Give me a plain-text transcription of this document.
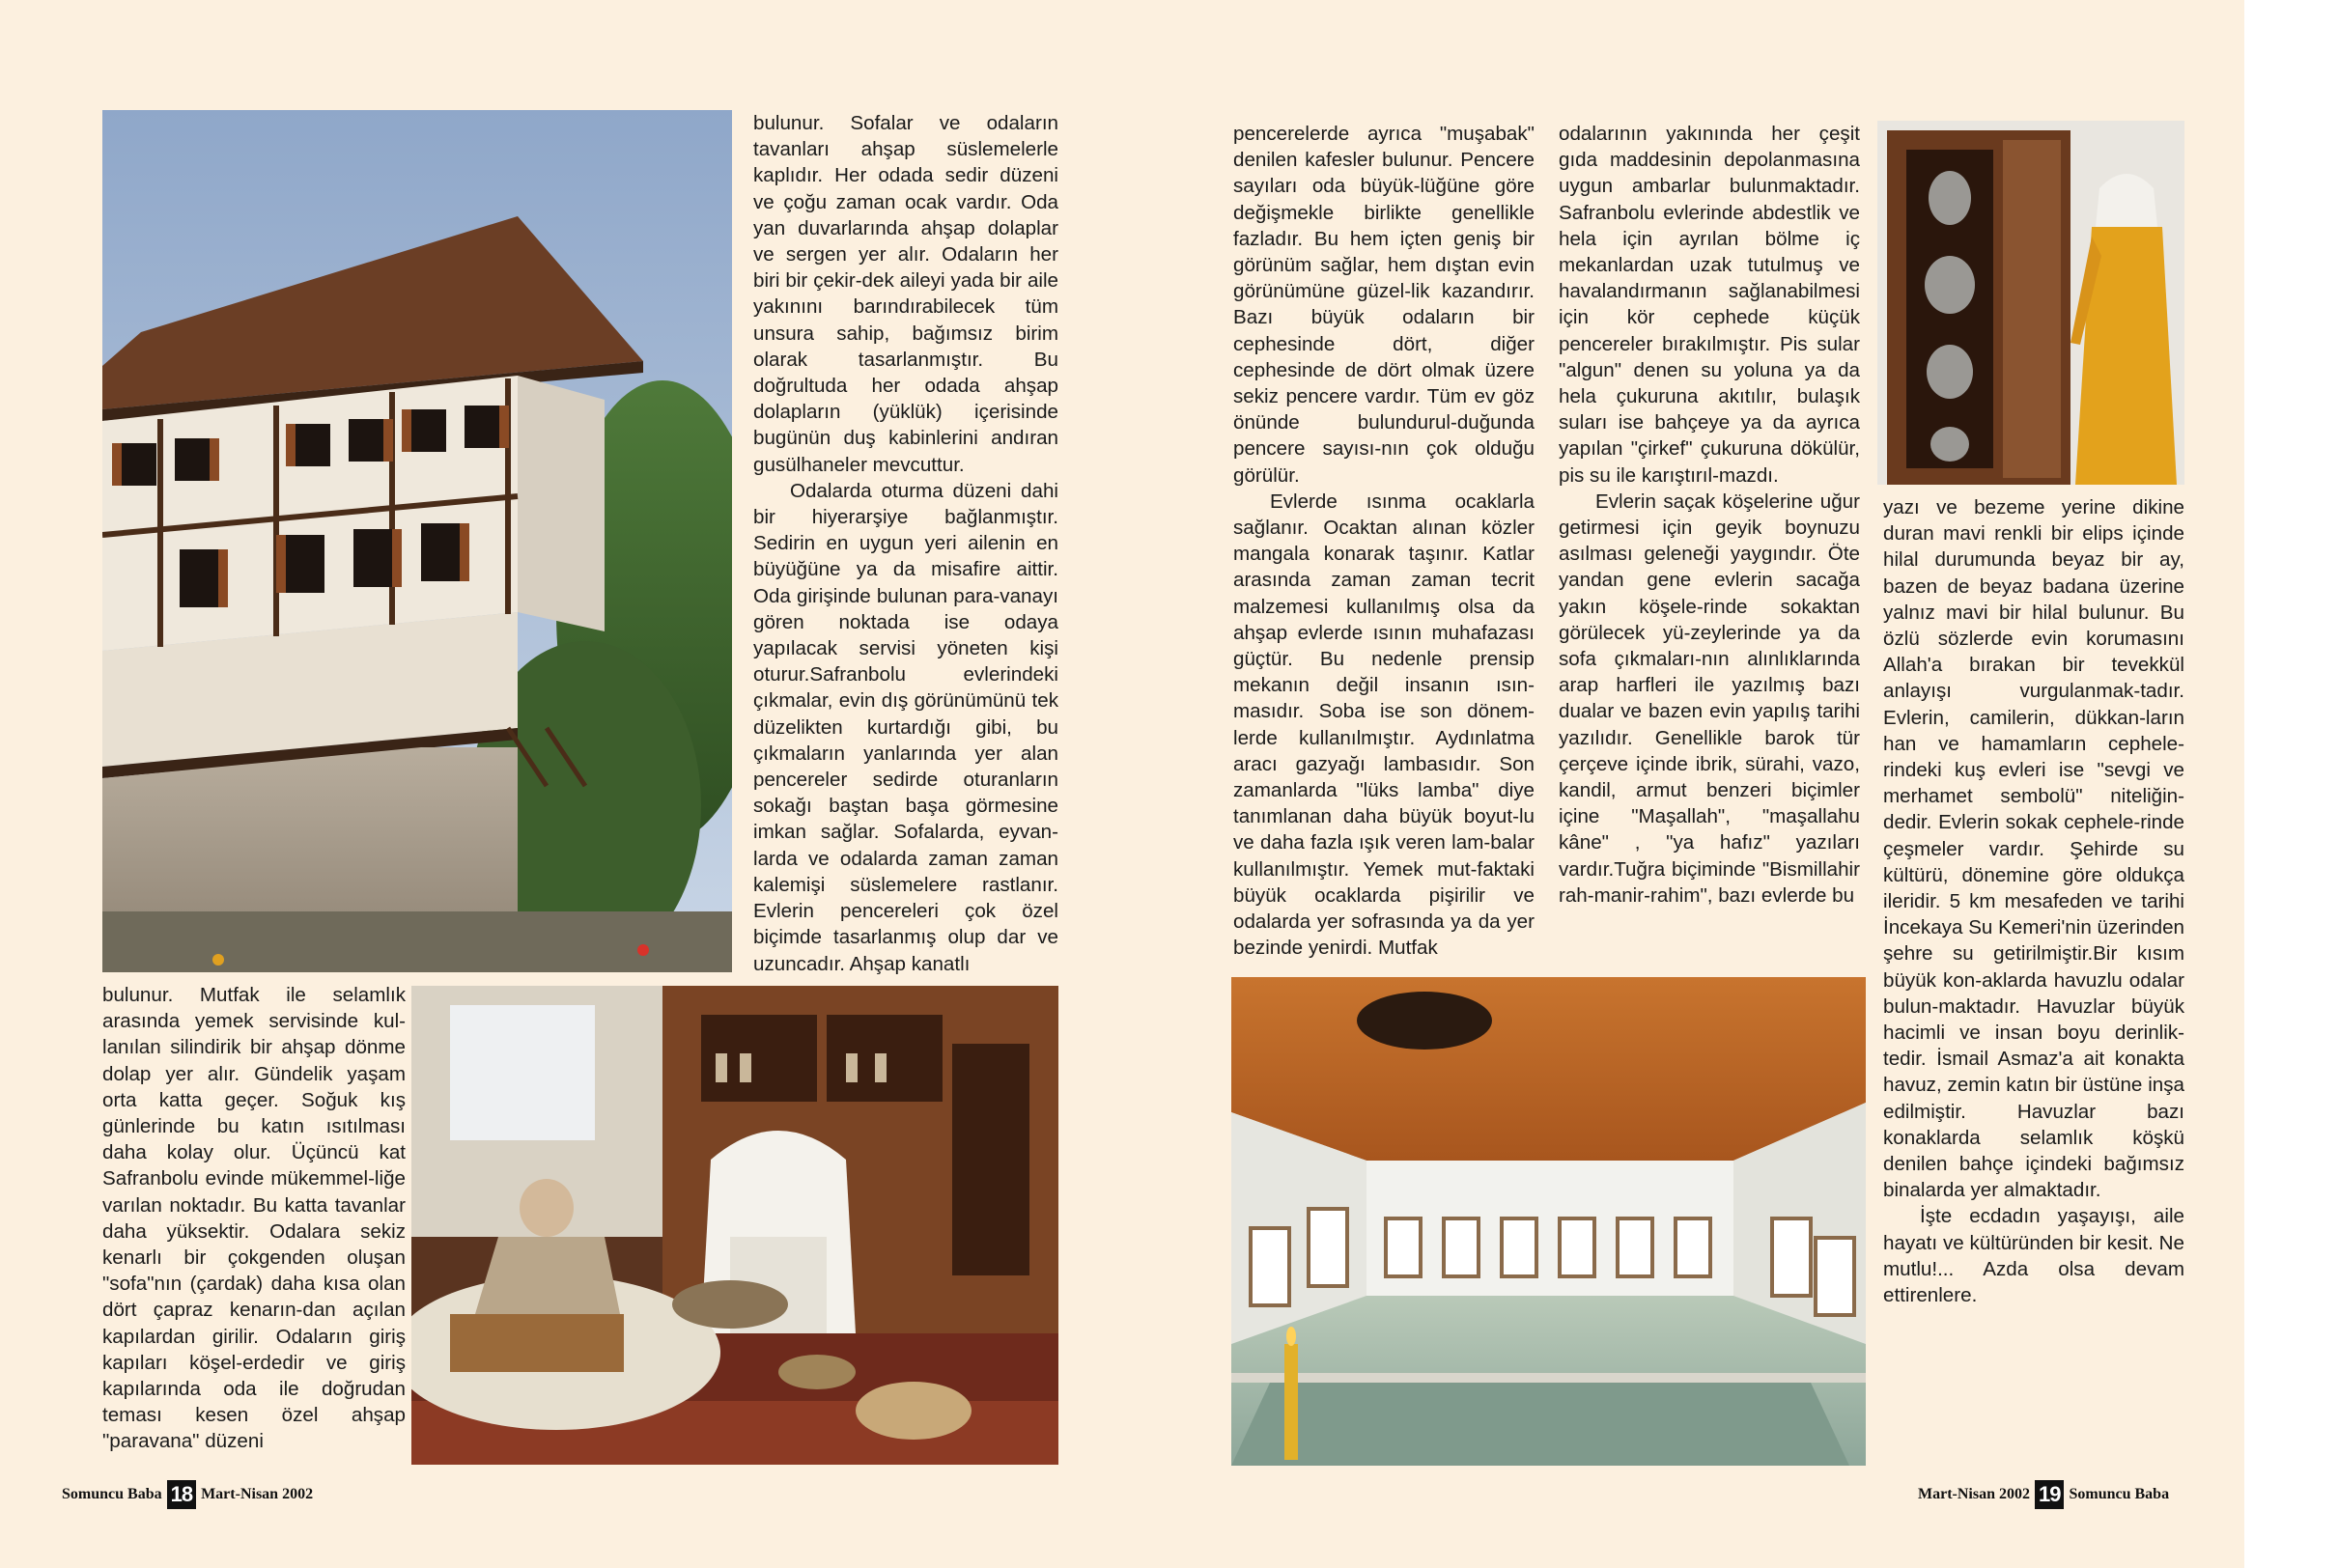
bulunur. Sofalar ve odaların tavanları ahşap süslemelerle kaplıdır. Her odada sedir düzeni ve çoğu zaman ocak vardır. Oda yan duvarlarında ahşap dolaplar ve sergen yer alır. Odaların her biri bir çekir-dek aileyi yada bir aile yakınını barındırabilecek tüm unsura sahip, bağımsız birim olarak tasarlanmıştır. Bu doğrultuda her odada ahşap dolapların (yüklük) içerisinde bugünün duş kabinlerini andıran gusülhaneler mevcuttur.

Odalarda oturma düzeni dahi bir hiyerarşiye bağlanmıştır. Sedirin en uygun yeri ailenin en büyüğüne ya da misafire aittir. Oda girişinde bulunan para-vanayı gören noktada ise odaya yapılacak servisi yöneten kişi oturur.Safranbolu evlerindeki çıkmalar, evin dış görünümünü tek düzelikten kurtardığı gibi, bu çıkmaların yanlarında yer alan pencereler sedirde oturanların sokağı baştan başa görmesine imkan sağlar. Sofalarda, eyvan-larda ve odalarda zaman zaman kalemişi süslemelere rastlanır. Evlerin pencereleri çok özel biçimde tasarlanmış olup dar ve uzuncadır. Ahşap kanatlı

bulunur. Mutfak ile selamlık arasında yemek servisinde kul-lanılan silindirik bir ahşap dönme dolap yer alır. Gündelik yaşam orta katta geçer. Soğuk kış günlerinde bu katın ısıtılması daha kolay olur. Üçüncü kat Safranbolu evinde mükemmel-liğe varılan noktadır. Bu katta tavanlar daha yüksektir. Odalara sekiz kenarlı bir çokgenden oluşan "sofa"nın (çardak) daha kısa olan dört çapraz kenarın-dan açılan kapılardan girilir. Odaların giriş kapıları köşel-erdedir ve giriş kapılarında oda ile doğrudan teması kesen özel ahşap "paravana" düzeni

Somuncu Baba 18 Mart-Nisan 2002

pencerelerde ayrıca "muşabak" denilen kafesler bulunur. Pencere sayıları oda büyük-lüğüne göre değişmekle birlikte genellikle fazladır. Bu hem içten geniş bir görünüm sağlar, hem dıştan evin görünümüne güzel-lik kazandırır. Bazı büyük odaların bir cephesinde dört, diğer cephesinde de dört olmak üzere sekiz pencere vardır. Tüm ev göz önünde bulundurul-duğunda pencere sayısı-nın çok olduğu görülür.

Evlerde ısınma ocaklarla sağlanır. Ocaktan alınan közler mangala konarak taşınır. Katlar arasında zaman zaman tecrit malzemesi kullanılmış olsa da ahşap evlerde ısının muhafazası güçtür. Bu nedenle prensip mekanın değil insanın ısın-masıdır. Soba ise son dönem-lerde kullanılmıştır. Aydınlatma aracı gazyağı lambasıdır. Son zamanlarda "lüks lamba" diye tanımlanan daha büyük boyut-lu ve daha fazla ışık veren lam-balar kullanılmıştır. Yemek mut-faktaki büyük ocaklarda pişirilir ve odalarda yer sofrasında ya da yer bezinde yenirdi. Mutfak

odalarının yakınında her çeşit gıda maddesinin depolanmasına uygun ambarlar bulunmaktadır. Safranbolu evlerinde abdestlik ve hela için ayrılan bölme iç mekanlardan uzak tutulmuş ve havalandırmanın sağlanabilmesi için kör cephede küçük pencereler bırakılmıştır. Pis sular "algun" denen su yoluna ya da hela çukuruna akıtılır, bulaşık suları ise bahçeye ya da ayrıca yapılan "çirkef" çukuruna dökülür, pis su ile karıştırıl-mazdı.

Evlerin saçak köşelerine uğur getirmesi için geyik boynuzu asılması geleneği yaygındır. Öte yandan gene evlerin sacağa yakın köşele-rinde sokaktan görülecek yü-zeylerinde ya da sofa çıkmaları-nın alınlıklarında arap harfleri ile yazılmış bazı dualar ve bazen evin yapılış tarihi yazılıdır. Genellikle barok tür çerçeve içinde ibrik, sürahi, vazo, kandil, armut benzeri biçimler içine "Maşallah", "maşallahu kâne" , "ya hafız" yazıları vardır.Tuğra biçiminde "Bismillahir rah-manir-rahim", bazı evlerde bu

yazı ve bezeme yerine dikine duran mavi renkli bir elips içinde hilal durumunda beyaz bir ay, bazen de beyaz badana üzerine yalnız mavi bir hilal bulunur. Bu özlü sözlerde evin korumasını Allah'a bırakan bir tevekkül anlayışı vurgulanmak-tadır. Evlerin, camilerin, dükkan-ların han ve hamamların cephele-rindeki kuş evleri ise "sevgi ve merhamet sembolü" niteliğin-dedir. Evlerin sokak cephele-rinde çeşmeler vardır. Şehirde su kültürü, dönemine göre oldukça ileridir. 5 km mesafeden ve tarihi İncekaya Su Kemeri'nin üzerinden şehre su getirilmiştir.Bir kısım büyük kon-aklarda havuzlu odalar bulun-maktadır. Havuzlar büyük hacimli ve insan boyu derinlik-tedir. İsmail Asmaz'a ait konakta havuz, zemin katın bir üstüne inşa edilmiştir. Havuzlar bazı konaklarda selamlık köşkü denilen bahçe içindeki bağımsız binalarda yer almaktadır.

İşte ecdadın yaşayışı, aile hayatı ve kültüründen bir kesit. Ne mutlu!... Azda olsa devam ettirenlere.

Mart-Nisan 2002 19 Somuncu Baba
